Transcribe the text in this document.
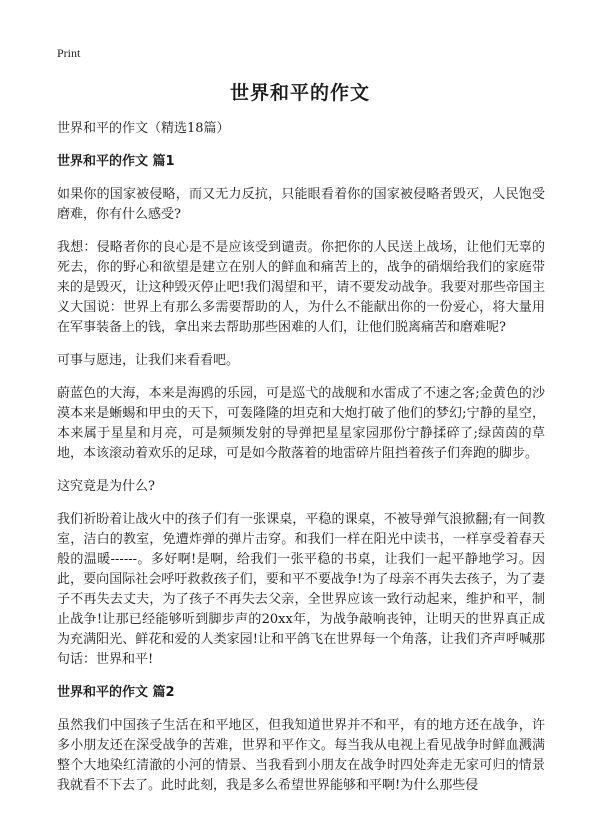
Print
世界和平的作文

世界和平的作文（精选18篇）

世界和平的作文 篇1

如果你的国家被侵略，而又无力反抗，只能眼看着你的国家被侵略者毁灭，人民饱受磨难，你有什么感受?

我想：侵略者你的良心是不是应该受到谴责。你把你的人民送上战场，让他们无辜的死去，你的野心和欲望是建立在别人的鲜血和痛苦上的，战争的硝烟给我们的家庭带来的是毁灭，让这种毁灭停止吧!我们渴望和平，请不要发动战争。我要对那些帝国主义大国说：世界上有那么多需要帮助的人，为什么不能献出你的一份爱心，将大量用在军事装备上的钱，拿出来去帮助那些困难的人们，让他们脱离痛苦和磨难呢?

可事与愿违，让我们来看看吧。

蔚蓝色的大海，本来是海鸥的乐园，可是巡弋的战舰和水雷成了不速之客;金黄色的沙漠本来是蜥蜴和甲虫的天下，可轰隆隆的坦克和大炮打破了他们的梦幻;宁静的星空，本来属于星星和月亮，可是频频发射的导弹把星星家园那份宁静揉碎了;绿茵茵的草地，本该滚动着欢乐的足球，可是如今散落着的地雷碎片阻挡着孩子们奔跑的脚步。

这究竟是为什么?

我们祈盼着让战火中的孩子们有一张课桌，平稳的课桌，不被导弹气浪掀翻;有一间教室，洁白的教室，免遭炸弹的弹片击穿。和我们一样在阳光中读书，一样享受着春天般的温暖------。多好啊!是啊，给我们一张平稳的书桌，让我们一起平静地学习。因此，要向国际社会呼吁救救孩子们，要和平不要战争!为了母亲不再失去孩子，为了妻子不再失去丈夫，为了孩子不再失去父亲，全世界应该一致行动起来，维护和平，制止战争!让那已经能够听到脚步声的20xx年，为战争敲响丧钟，让明天的世界真正成为充满阳光、鲜花和爱的人类家园!让和平鸽飞在世界每一个角落，让我们齐声呼喊那句话：世界和平!

世界和平的作文 篇2

虽然我们中国孩子生活在和平地区，但我知道世界并不和平，有的地方还在战争，许多小朋友还在深受战争的苦难，世界和平作文。每当我从电视上看见战争时鲜血溅满整个大地染红清澈的小河的情景、当我看到小朋友在战争时四处奔走无家可归的情景我就看不下去了。此时此刻，我是多么希望世界能够和平啊!为什么那些侵
